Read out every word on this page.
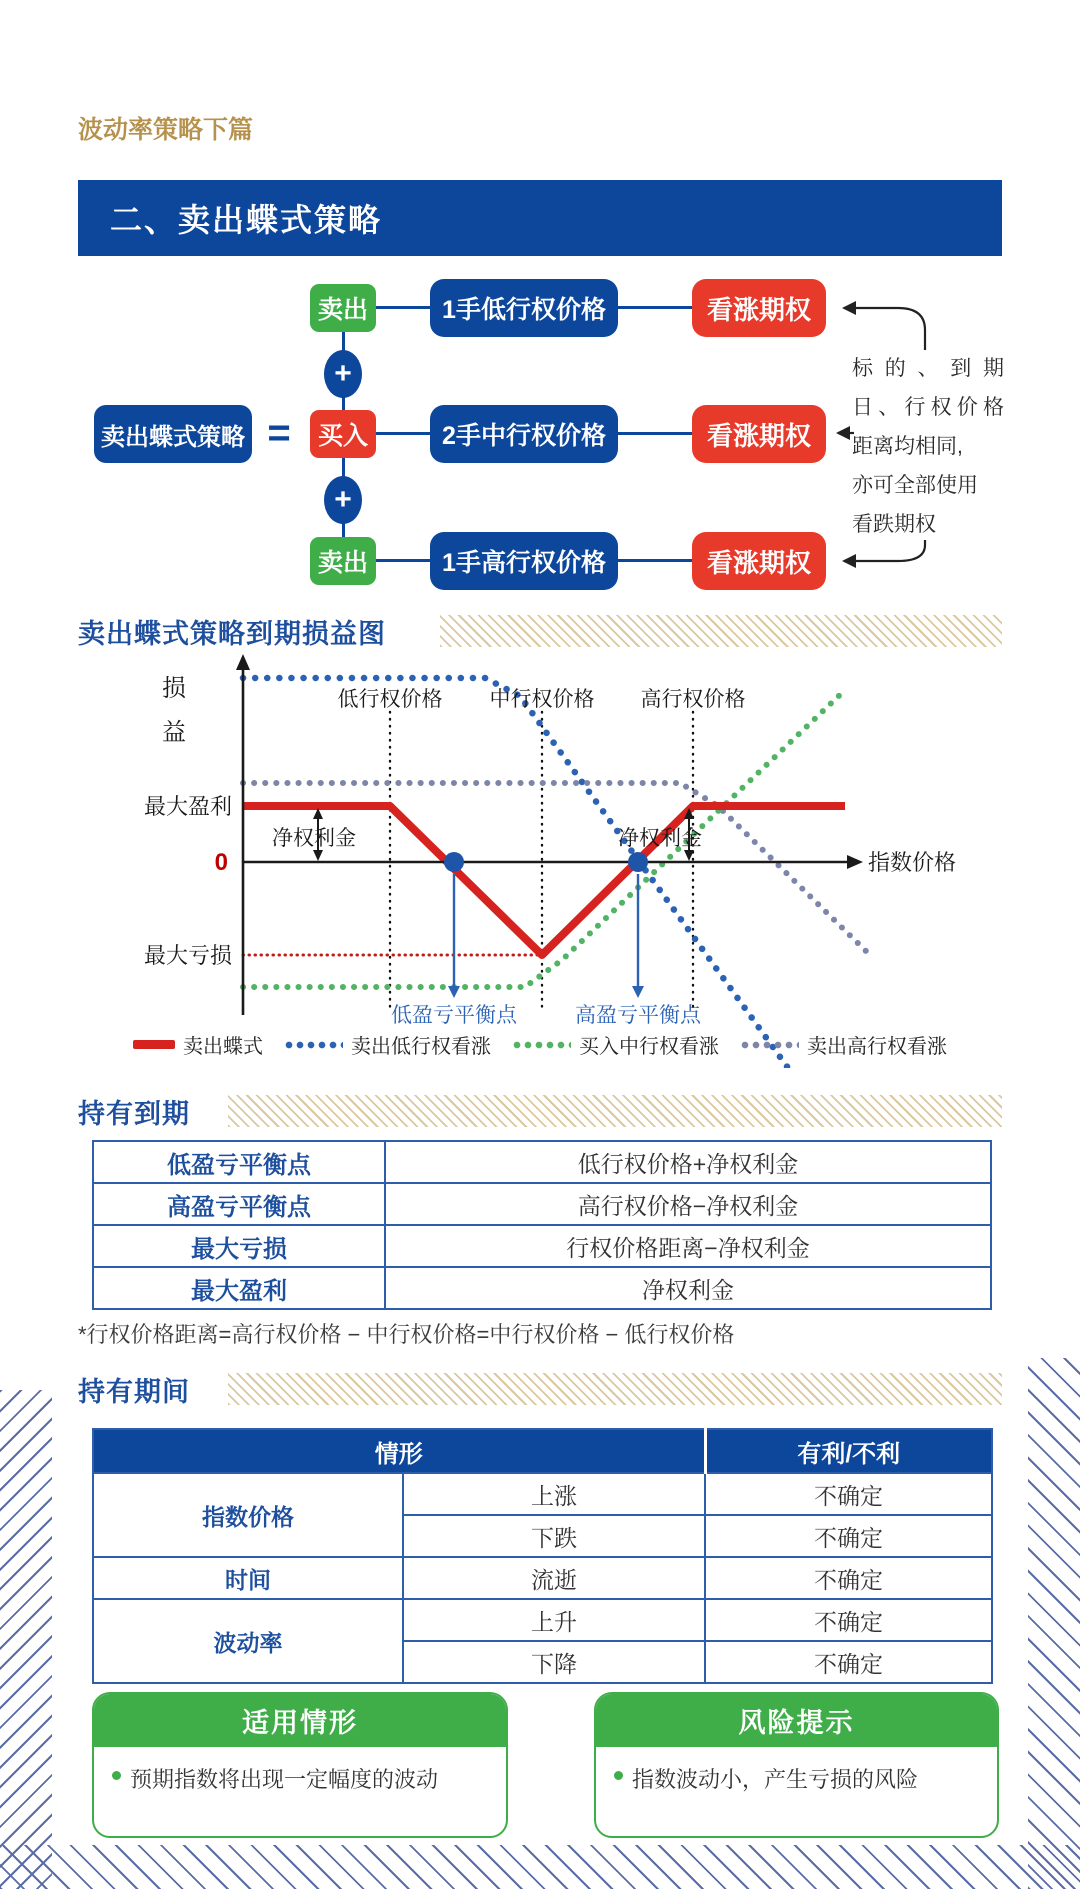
波动率策略下篇
二、卖出蝶式策略
卖出	1手低行权价格	看涨期权
+
卖出蝶式策略 =	买入	2手中行权价格	看涨期权
+
卖出	1手高行权价格	看涨期权
标的、到期
日、行权价格
距离均相同,
亦可全部使用
看跌期权
卖出蝶式策略到期损益图
损
益
低行权价格 中行权价格 高行权价格
最大盈利
0
最大亏损
净权利金	净权利金
低盈亏平衡点	高盈亏平衡点
指数价格
卖出蝶式	卖出低行权看涨	买入中行权看涨	卖出高行权看涨
持有到期
低盈亏平衡点	低行权价格+净权利金
高盈亏平衡点	高行权价格−净权利金
最大亏损	行权价格距离−净权利金
最大盈利	净权利金
*行权价格距离=高行权价格 − 中行权价格=中行权价格 − 低行权价格
持有期间
情形		有利/不利
指数价格	上涨	不确定
	下跌	不确定
时间	流逝	不确定
波动率	上升	不确定
	下降	不确定
适用情形
预期指数将出现一定幅度的波动
风险提示
指数波动小，产生亏损的风险
